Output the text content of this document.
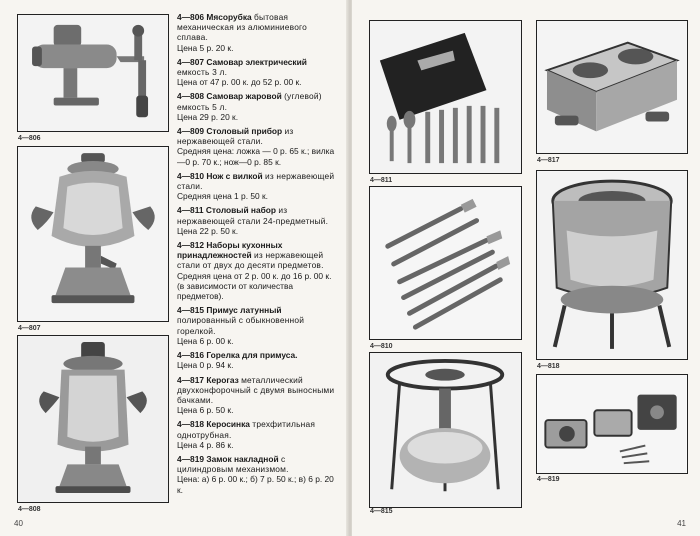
4—806
4—807
4—808
4—806 Мясорубка бытовая механическая из алюминиевого сплава.
Цена 5 р. 20 к.
4—807 Самовар электрический емкость 3 л.
Цена от 47 р. 00 к. до 52 р. 00 к.
4—808 Самовар жаровой (углевой) емкость 5 л.
Цена 29 р. 20 к.
4—809 Столовый прибор из нержавеющей стали.
Средняя цена: ложка — 0 р. 65 к.; вилка—0 р. 70 к.; нож—0 р. 85 к.
4—810 Нож с вилкой из нержавеющей стали.
Средняя цена 1 р. 50 к.
4—811 Столовый набор из нержавеющей стали 24-предметный.
Цена 22 р. 50 к.
4—812 Наборы кухонных принадлежностей из нержавеющей стали от двух до десяти предметов.
Средняя цена от 2 р. 00 к. до 16 р. 00 к. (в зависимости от количества предметов).
4—815 Примус латунный полированный с обыкновенной горелкой.
Цена 6 р. 00 к.
4—816 Горелка для примуса.
Цена 0 р. 94 к.
4—817 Керогаз металлический двухконфорочный с двумя выносными бачками.
Цена 6 р. 50 к.
4—818 Керосинка трехфитильная однотрубная.
Цена 4 р. 86 к.
4—819 Замок накладной с цилиндровым механизмом.
Цена: а) 6 р. 00 к.; б) 7 р. 50 к.; в) 6 р. 20 к.
40
4—811
4—810
4—815
4—817
4—818
4—819
41
